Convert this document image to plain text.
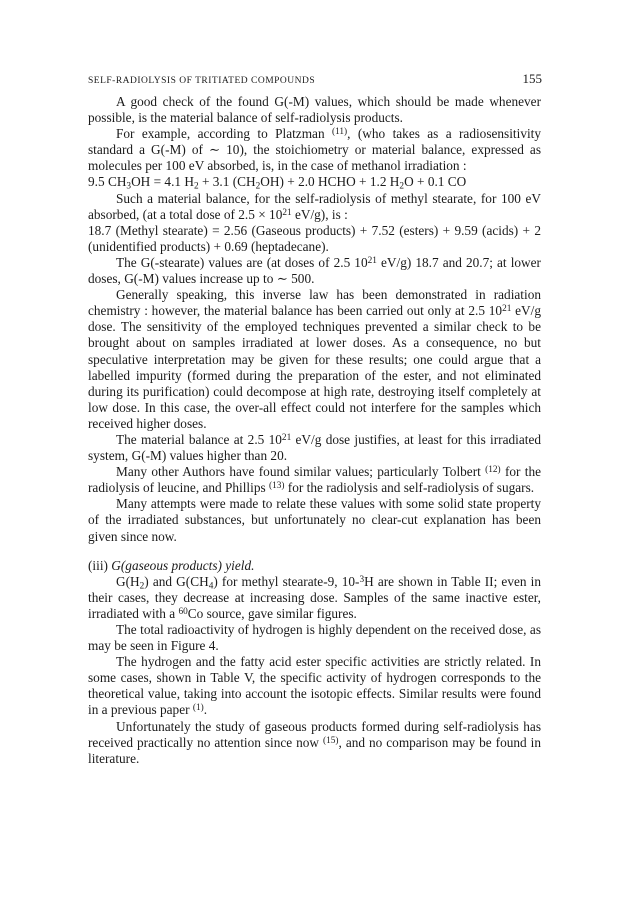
SELF-RADIOLYSIS OF TRITIATED COMPOUNDS	155

A good check of the found G(-M) values, which should be made whenever possible, is the material balance of self-radiolysis products.

For example, according to Platzman $^{(11)}$, (who takes as a radiosensitivity standard a G(-M) of ∼ 10), the stoichiometry or material balance, expressed as molecules per 100 eV absorbed, is, in the case of methanol irradiation :

9.5 $CH_3OH = 4.1$ $H_2 + 3.1$ $(CH_2OH) + 2.0$ HCHO + 1.2 $H_2O + 0.1$ CO

Such a material balance, for the self-radiolysis of methyl stearate, for 100 eV absorbed, (at a total dose of $2.5 \times 10^{21}$ eV/g), is :

18.7 (Methyl stearate) = 2.56 (Gaseous products) + 7.52 (esters) + 9.59 (acids) + 2 (unidentified products) + 0.69 (heptadecane).

The G(-stearate) values are (at doses of 2.5 $10^{21}$ eV/g) 18.7 and 20.7; at lower doses, G(-M) values increase up to ∼ 500.

Generally speaking, this inverse law has been demonstrated in radiation chemistry : however, the material balance has been carried out only at 2.5 $10^{21}$ eV/g dose. The sensitivity of the employed techniques prevented a similar check to be brought about on samples irradiated at lower doses. As a consequence, no but speculative interpretation may be given for these results; one could argue that a labelled impurity (formed during the preparation of the ester, and not eliminated during its purification) could decompose at high rate, destroying itself completely at low dose. In this case, the over-all effect could not interfere for the samples which received higher doses.

The material balance at 2.5 $10^{21}$ eV/g dose justifies, at least for this irradiated system, G(-M) values higher than 20.

Many other Authors have found similar values; particularly Tolbert $^{(12)}$ for the radiolysis of leucine, and Phillips $^{(13)}$ for the radiolysis and self-radiolysis of sugars.

Many attempts were made to relate these values with some solid state property of the irradiated substances, but unfortunately no clear-cut explanation has been given since now.

(iii) G(gaseous products) yield.

$G(H_2)$ and $G(CH_4)$ for methyl stearate-9, 10-$^3$H are shown in Table II; even in their cases, they decrease at increasing dose. Samples of the same inactive ester, irradiated with a $^{60}$Co source, gave similar figures.

The total radioactivity of hydrogen is highly dependent on the received dose, as may be seen in Figure 4.

The hydrogen and the fatty acid ester specific activities are strictly related. In some cases, shown in Table V, the specific activity of hydrogen corresponds to the theoretical value, taking into account the isotopic effects. Similar results were found in a previous paper $^{(1)}$.

Unfortunately the study of gaseous products formed during self-radiolysis has received practically no attention since now $^{(15)}$, and no comparison may be found in literature.
